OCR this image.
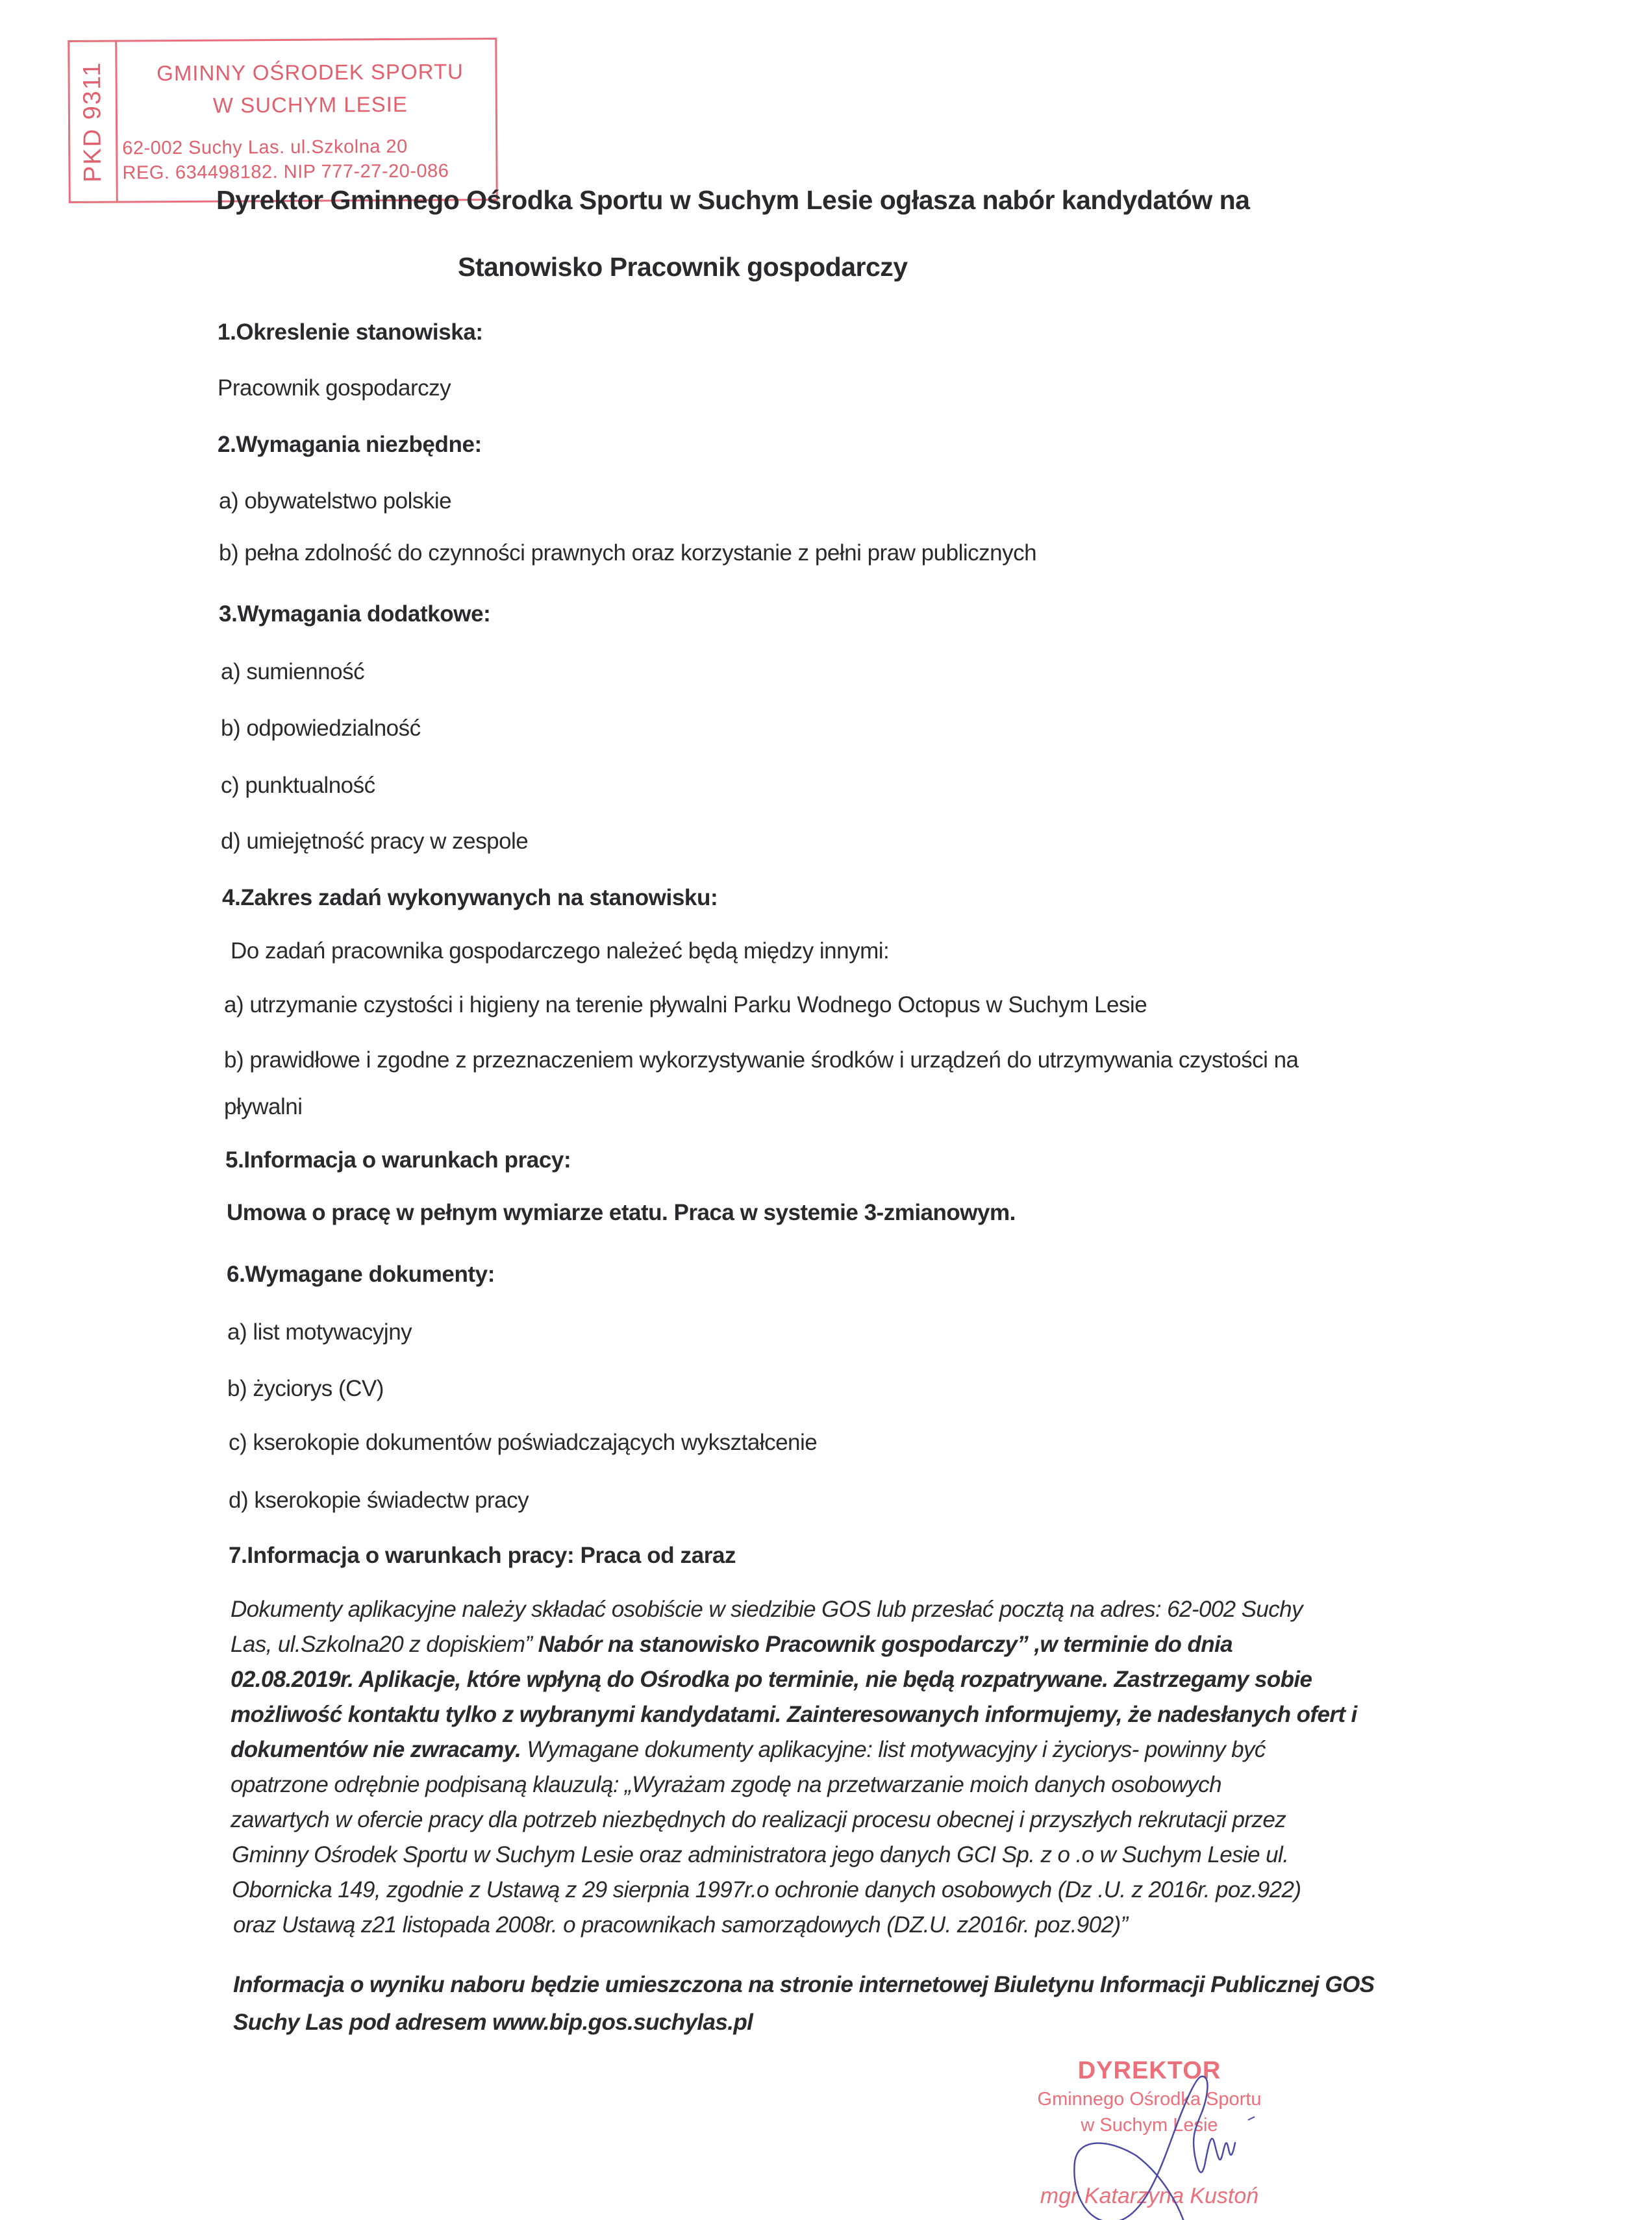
PKD 9311	GMINNY OŚRODEK SPORTU
W SUCHYM LESIE
62-002 Suchy Las. ul.Szkolna 20
REG. 634498182. NIP 777-27-20-086
Dyrektor Gminnego Ośrodka Sportu w Suchym Lesie ogłasza nabór kandydatów na
Stanowisko Pracownik gospodarczy
1.Okreslenie stanowiska:
Pracownik gospodarczy
2.Wymagania niezbędne:
a) obywatelstwo polskie
b) pełna zdolność do czynności prawnych oraz korzystanie z pełni praw publicznych
3.Wymagania dodatkowe:
a) sumienność
b) odpowiedzialność
c) punktualność
d) umiejętność pracy w zespole
4.Zakres zadań wykonywanych na stanowisku:
Do zadań pracownika gospodarczego należeć będą między innymi:
a) utrzymanie czystości i higieny na terenie pływalni Parku Wodnego Octopus w Suchym Lesie
b) prawidłowe i zgodne z przeznaczeniem wykorzystywanie środków i urządzeń do utrzymywania czystości na
pływalni
5.Informacja o warunkach pracy:
Umowa o pracę w pełnym wymiarze etatu. Praca w systemie 3-zmianowym.
6.Wymagane dokumenty:
a) list motywacyjny
b) życiorys (CV)
c) kserokopie dokumentów poświadczających wykształcenie
d) kserokopie świadectw pracy
7.Informacja o warunkach pracy: Praca od zaraz
Dokumenty aplikacyjne należy składać osobiście w siedzibie GOS lub przesłać pocztą na adres: 62-002 Suchy
Las, ul.Szkolna20 z dopiskiem” Nabór na stanowisko Pracownik gospodarczy” ,w terminie do dnia
02.08.2019r. Aplikacje, które wpłyną do Ośrodka po terminie, nie będą rozpatrywane. Zastrzegamy sobie
możliwość kontaktu tylko z wybranymi kandydatami. Zainteresowanych informujemy, że nadesłanych ofert i
dokumentów nie zwracamy. Wymagane dokumenty aplikacyjne: list motywacyjny i życiorys- powinny być
opatrzone odrębnie podpisaną klauzulą: „Wyrażam zgodę na przetwarzanie moich danych osobowych
zawartych w ofercie pracy dla potrzeb niezbędnych do realizacji procesu obecnej i przyszłych rekrutacji przez
Gminny Ośrodek Sportu w Suchym Lesie oraz administratora jego danych GCI Sp. z o .o w Suchym Lesie ul.
Obornicka 149, zgodnie z Ustawą z 29 sierpnia 1997r.o ochronie danych osobowych (Dz .U. z 2016r. poz.922)
oraz Ustawą z21 listopada 2008r. o pracownikach samorządowych (DZ.U. z2016r. poz.902)”
Informacja o wyniku naboru będzie umieszczona na stronie internetowej Biuletynu Informacji Publicznej GOS
Suchy Las pod adresem www.bip.gos.suchylas.pl
DYREKTOR
Gminnego Ośrodka Sportu
w Suchym Lesie
mgr Katarzyna Kustoń
